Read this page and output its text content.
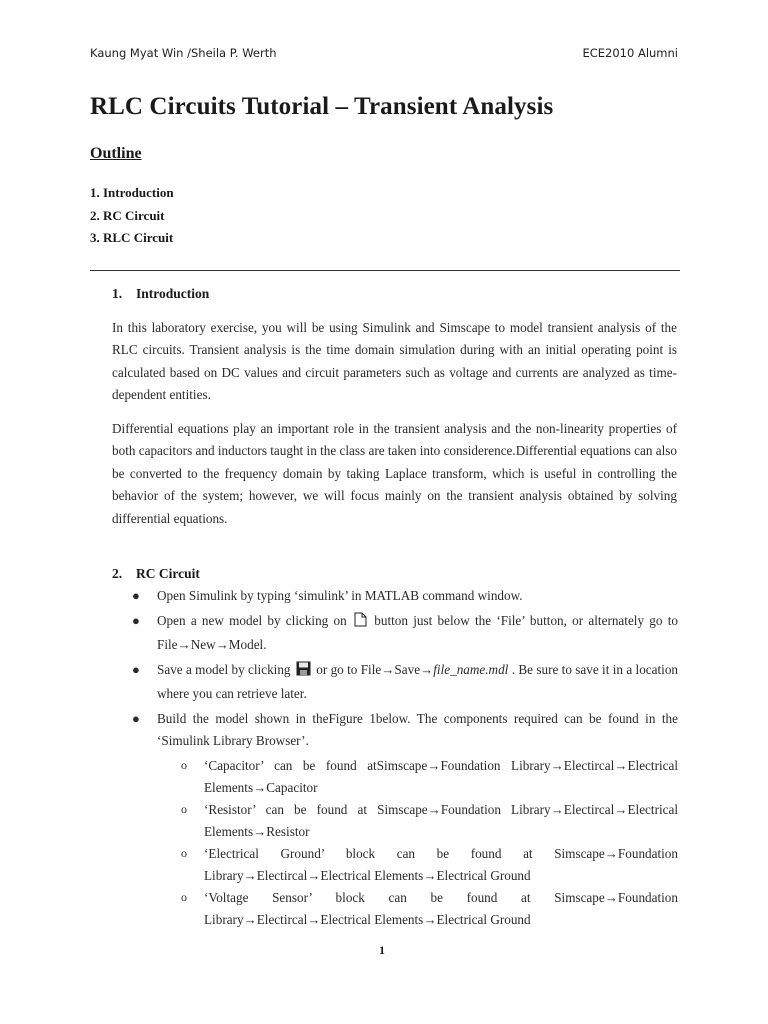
Kaung Myat Win /Sheila P. Werth	ECE2010 Alumni
RLC Circuits Tutorial – Transient Analysis
Outline
1. Introduction
2. RC Circuit
3. RLC Circuit
1. Introduction
In this laboratory exercise, you will be using Simulink and Simscape to model transient analysis of the RLC circuits. Transient analysis is the time domain simulation during with an initial operating point is calculated based on DC values and circuit parameters such as voltage and currents are analyzed as time-dependent entities.
Differential equations play an important role in the transient analysis and the non-linearity properties of both capacitors and inductors taught in the class are taken into considerence.Differential equations can also be converted to the frequency domain by taking Laplace transform, which is useful in controlling the behavior of the system; however, we will focus mainly on the transient analysis obtained by solving differential equations.
2. RC Circuit
● Open Simulink by typing ‘simulink’ in MATLAB command window.
● Open a new model by clicking on button just below the ‘File’ button, or alternately go to File→New→Model.
● Save a model by clicking or go to File→Save→file_name.mdl . Be sure to save it in a location where you can retrieve later.
● Build the model shown in theFigure 1below. The components required can be found in the ‘Simulink Library Browser’.
o ‘Capacitor’ can be found atSimscape→Foundation Library→Electircal→Electrical Elements→Capacitor
o ‘Resistor’ can be found at Simscape→Foundation Library→Electircal→Electrical Elements→Resistor
o ‘Electrical Ground’ block can be found at Simscape→Foundation Library→Electircal→Electrical Elements→Electrical Ground
o ‘Voltage Sensor’ block can be found at Simscape→Foundation Library→Electircal→Electrical Elements→Electrical Ground
1
